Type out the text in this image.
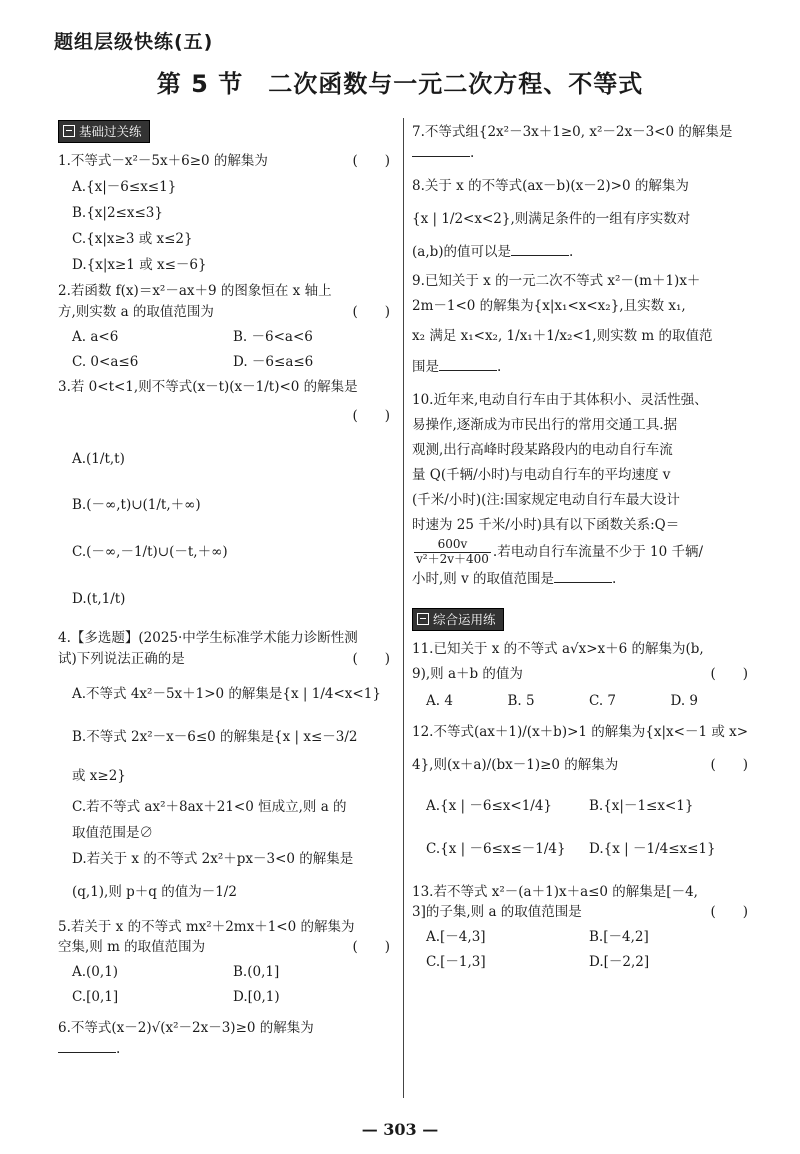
题组层级快练(五)
第 5 节　二次函数与一元二次方程、不等式
基础过关练
1.不等式－x²－5x＋6≥0 的解集为	(　　)
A.{x|－6≤x≤1}
B.{x|2≤x≤3}
C.{x|x≥3 或 x≤2}
D.{x|x≥1 或 x≤－6}
2.若函数 f(x)＝x²－ax＋9 的图象恒在 x 轴上
方,则实数 a 的取值范围为	(　　)
A. a<6	B. －6<a<6
C. 0<a≤6	D. －6≤a≤6
3.若 0<t<1,则不等式(x－t)(x－1/t)<0 的解集是
(　　)
A.(1/t,t)
B.(－∞,t)∪(1/t,＋∞)
C.(－∞,－1/t)∪(－t,＋∞)
D.(t,1/t)
4.【多选题】(2025·中学生标准学术能力诊断性测
试)下列说法正确的是	(　　)
A.不等式 4x²－5x＋1>0 的解集是{x | 1/4<x<1}
B.不等式 2x²－x－6≤0 的解集是{x | x≤－3/2
或 x≥2}
C.若不等式 ax²＋8ax＋21<0 恒成立,则 a 的
取值范围是∅
D.若关于 x 的不等式 2x²＋px－3<0 的解集是
(q,1),则 p＋q 的值为－1/2
5.若关于 x 的不等式 mx²＋2mx＋1<0 的解集为
空集,则 m 的取值范围为	(　　)
A.(0,1)	B.(0,1]
C.[0,1]	D.[0,1)
6.不等式(x－2)√(x²－2x－3)≥0 的解集为
.
7.不等式组{2x²－3x＋1≥0, x²－2x－3<0 的解集是.
8.关于 x 的不等式(ax－b)(x－2)>0 的解集为
{x | 1/2<x<2},则满足条件的一组有序实数对
(a,b)的值可以是	.
9.已知关于 x 的一元二次不等式 x²－(m＋1)x＋
2m－1<0 的解集为{x|x₁<x<x₂},且实数 x₁,
x₂ 满足 x₁<x₂, 1/x₁＋1/x₂<1,则实数 m 的取值范
围是	.
10.近年来,电动自行车由于其体积小、灵活性强、
易操作,逐渐成为市民出行的常用交通工具.据
观测,出行高峰时段某路段内的电动自行车流
量 Q(千辆/小时)与电动自行车的平均速度 v
(千米/小时)(注:国家规定电动自行车最大设计
时速为 25 千米/小时)具有以下函数关系:Q＝
$\frac{600v}{\text{v²＋2v＋400}}$ .若电动自行车流量不少于 10 千辆/
小时,则 v 的取值范围是	.
综合运用练
11.已知关于 x 的不等式 a√x>x＋6 的解集为(b,
9),则 a＋b 的值为	(　　)
A. 4	B. 5	C. 7	D. 9
12.不等式(ax＋1)/(x＋b)>1 的解集为{x|x<－1 或 x>
4},则(x＋a)/(bx－1)≥0 的解集为	(　　)
A.{x | －6≤x<1/4}	B.{x|－1≤x<1}
C.{x | －6≤x≤－1/4}	D.{x | －1/4≤x≤1}
13.若不等式 x²－(a＋1)x＋a≤0 的解集是[－4,
3]的子集,则 a 的取值范围是	(　　)
A.[－4,3]	B.[－4,2]
C.[－1,3]	D.[－2,2]
— 303 —
